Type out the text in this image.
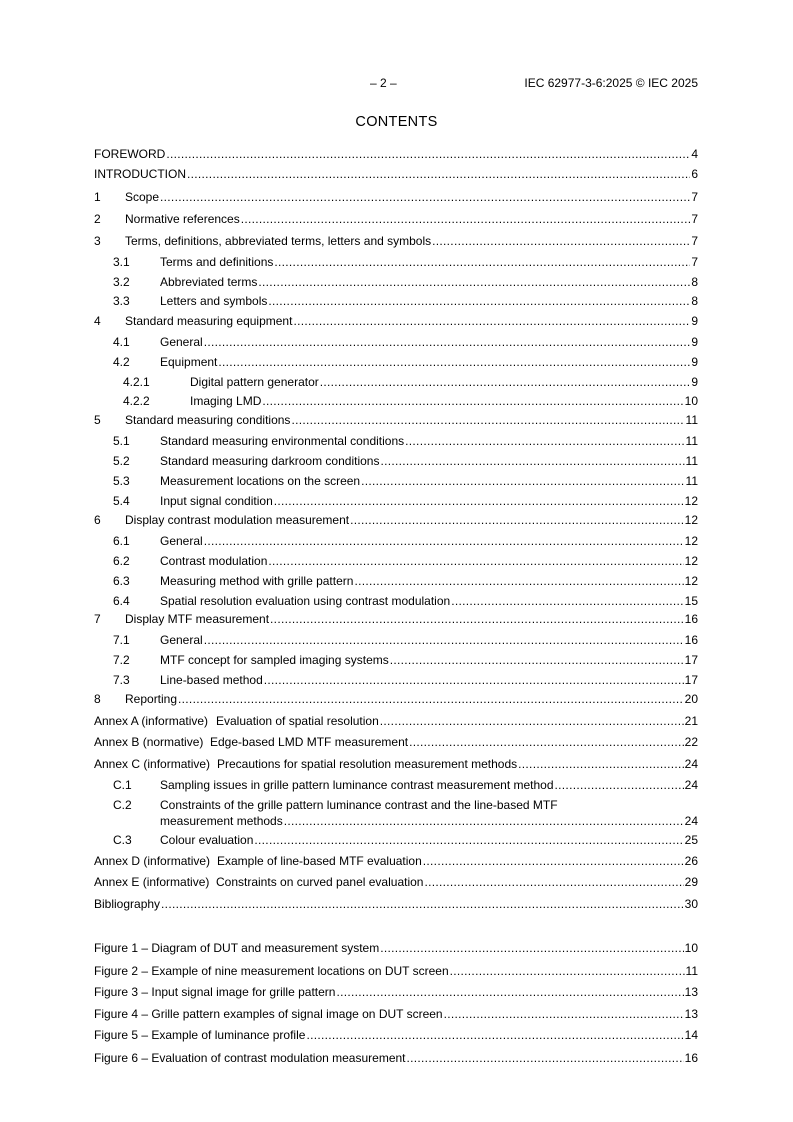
– 2 –	IEC 62977-3-6:2025 © IEC 2025
CONTENTS
FOREWORD .....	4
INTRODUCTION .....	6
1 Scope .....	7
2 Normative references .....	7
3 Terms, definitions, abbreviated terms, letters and symbols .....	7
3.1	Terms and definitions .....	7
3.2	Abbreviated terms .....	8
3.3	Letters and symbols .....	8
4 Standard measuring equipment .....	9
4.1	General .....	9
4.2	Equipment .....	9
4.2.1	Digital pattern generator .....	9
4.2.2	Imaging LMD .....	10
5 Standard measuring conditions .....	11
5.1	Standard measuring environmental conditions .....	11
5.2	Standard measuring darkroom conditions .....	11
5.3	Measurement locations on the screen .....	11
5.4	Input signal condition .....	12
6 Display contrast modulation measurement .....	12
6.1	General .....	12
6.2	Contrast modulation .....	12
6.3	Measuring method with grille pattern .....	12
6.4	Spatial resolution evaluation using contrast modulation .....	15
7 Display MTF measurement .....	16
7.1	General .....	16
7.2	MTF concept for sampled imaging systems .....	17
7.3	Line-based method .....	17
8 Reporting .....	20
Annex A (informative) Evaluation of spatial resolution .....	21
Annex B (normative) Edge-based LMD MTF measurement .....	22
Annex C (informative) Precautions for spatial resolution measurement methods .....	24
C.1 Sampling issues in grille pattern luminance contrast measurement method .....	24
C.2 Constraints of the grille pattern luminance contrast and the line-based MTF
measurement methods .....	24
C.3 Colour evaluation .....	25
Annex D (informative) Example of line-based MTF evaluation .....	26
Annex E (informative) Constraints on curved panel evaluation .....	29
Bibliography .....	30
Figure 1 – Diagram of DUT and measurement system .....	10
Figure 2 – Example of nine measurement locations on DUT screen .....	11
Figure 3 – Input signal image for grille pattern .....	13
Figure 4 – Grille pattern examples of signal image on DUT screen .....	13
Figure 5 – Example of luminance profile .....	14
Figure 6 – Evaluation of contrast modulation measurement .....	16
